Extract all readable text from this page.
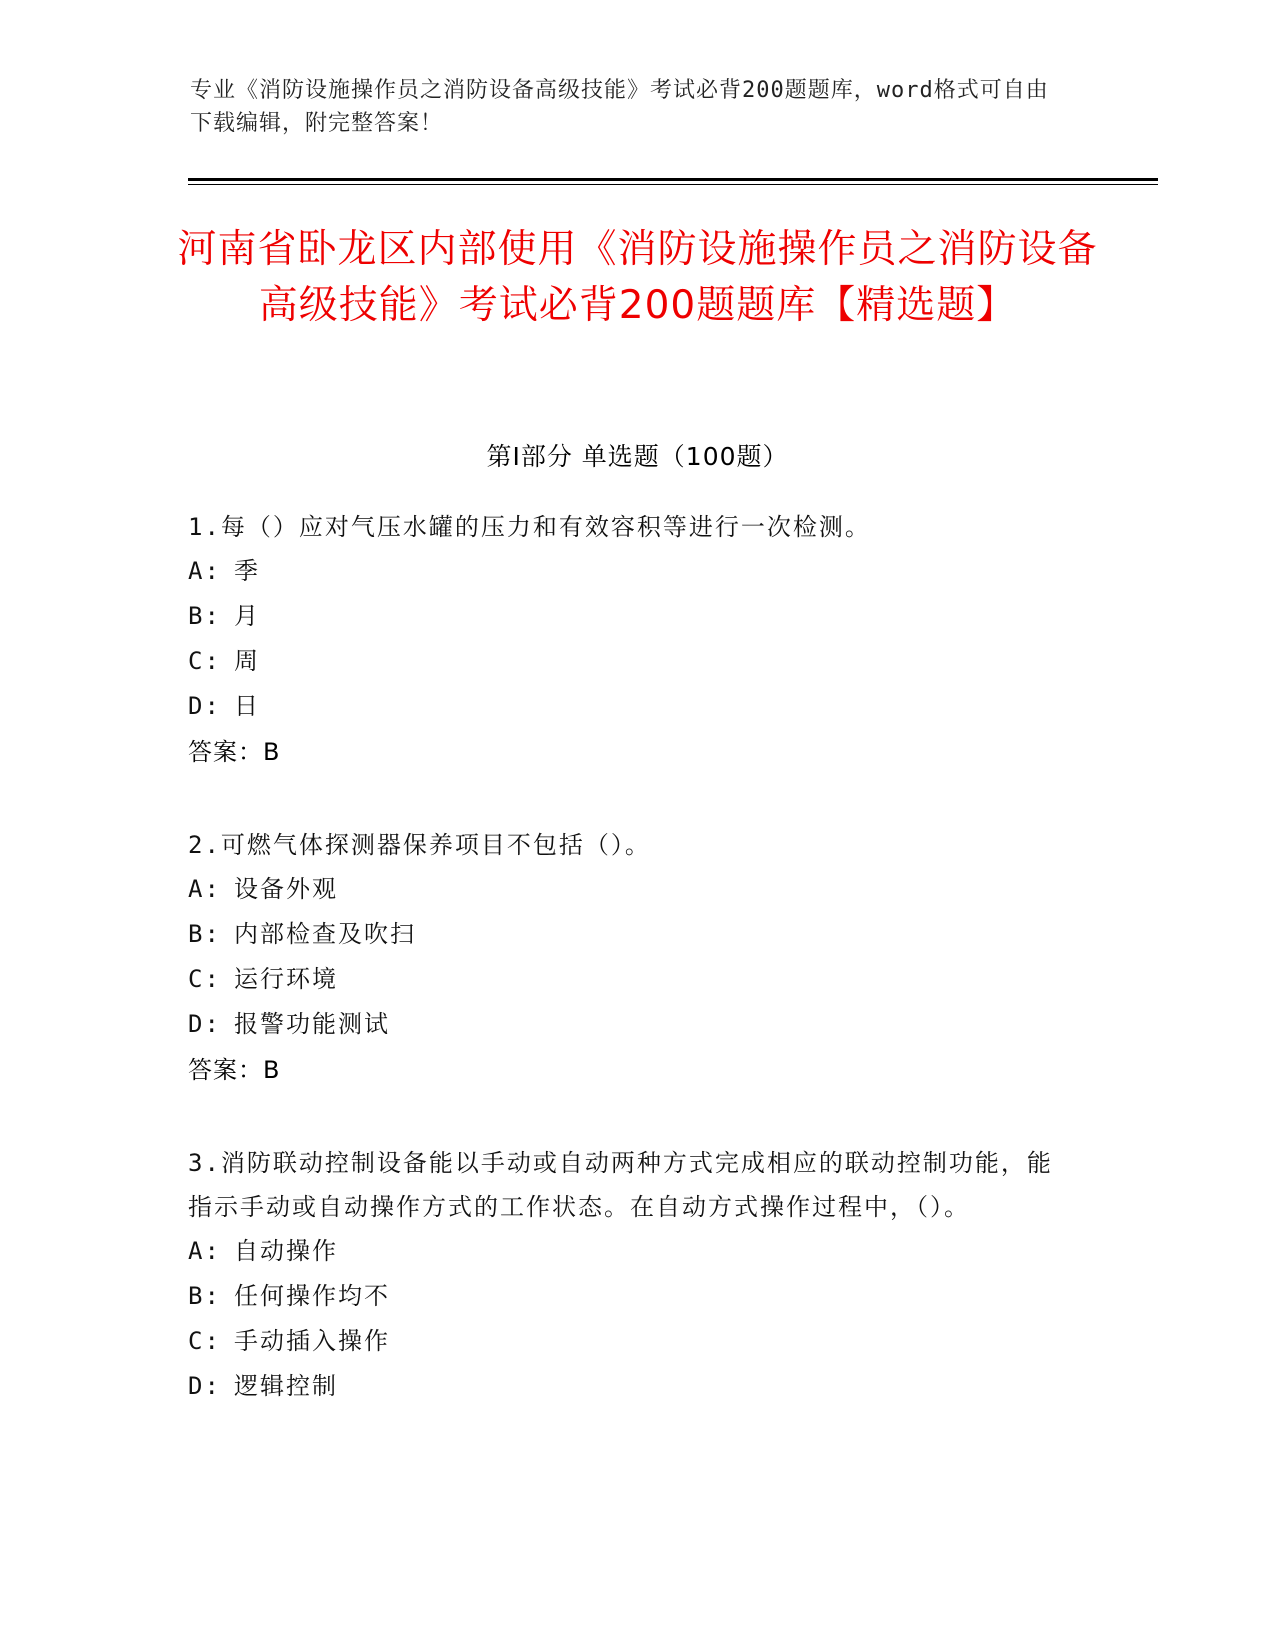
专业《消防设施操作员之消防设备高级技能》考试必背200题题库，word格式可自由下载编辑，附完整答案！
河南省卧龙区内部使用《消防设施操作员之消防设备高级技能》考试必背200题题库【精选题】
第Ⅰ部分 单选题（100题）
1.每（）应对气压水罐的压力和有效容积等进行一次检测。
A: 季
B: 月
C: 周
D: 日
答案：B
2.可燃气体探测器保养项目不包括（）。
A: 设备外观
B: 内部检查及吹扫
C: 运行环境
D: 报警功能测试
答案：B
3.消防联动控制设备能以手动或自动两种方式完成相应的联动控制功能，能指示手动或自动操作方式的工作状态。在自动方式操作过程中，（）。
A: 自动操作
B: 任何操作均不
C: 手动插入操作
D: 逻辑控制
